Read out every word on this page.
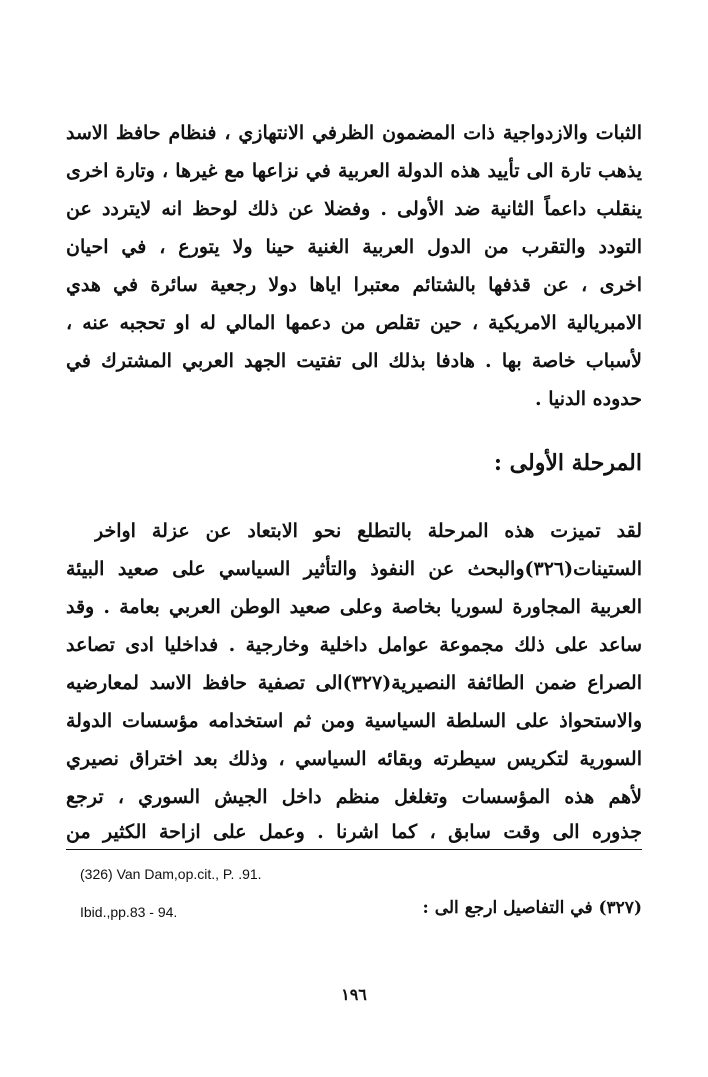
الثبات والازدواجية ذات المضمون الظرفي الانتهازي ، فنظام حافظ الاسد
يذهب تارة الى تأييد هذه الدولة العربية في نزاعها مع غيرها ، وتارة اخرى
ينقلب داعماً الثانية ضد الأولى . وفضلا عن ذلك لوحظ انه لايتردد عن
التودد والتقرب من الدول العربية الغنية حينا ولا يتورع ، في احيان
اخرى ، عن قذفها بالشتائم معتبرا اياها دولا رجعية سائرة في هدي
الامبريالية الامريكية ، حين تقلص من دعمها المالي له او تحجبه عنه ،
لأسباب خاصة بها . هادفا بذلك الى تفتيت الجهد العربي المشترك في
حدوده الدنيا .
المرحلة الأولى :
لقد تميزت هذه المرحلة بالتطلع نحو الابتعاد عن عزلة اواخر
الستينات(٣٢٦)والبحث عن النفوذ والتأثير السياسي على صعيد البيئة
العربية المجاورة لسوريا بخاصة وعلى صعيد الوطن العربي بعامة . وقد
ساعد على ذلك مجموعة عوامل داخلية وخارجية . فداخليا ادى تصاعد
الصراع ضمن الطائفة النصيرية(٣٢٧)الى تصفية حافظ الاسد لمعارضيه
والاستحواذ على السلطة السياسية ومن ثم استخدامه مؤسسات الدولة
السورية لتكريس سيطرته وبقائه السياسي ، وذلك بعد اختراق نصيري
لأهم هذه المؤسسات وتغلغل منظم داخل الجيش السوري ، ترجع
جذوره الى وقت سابق ، كما اشرنا . وعمل على ازاحة الكثير من
(326) Van Dam,op.cit., P. .91.
Ibid.,pp.83 - 94.	(٣٢٧) في التفاصيل ارجع الى :
١٩٦
